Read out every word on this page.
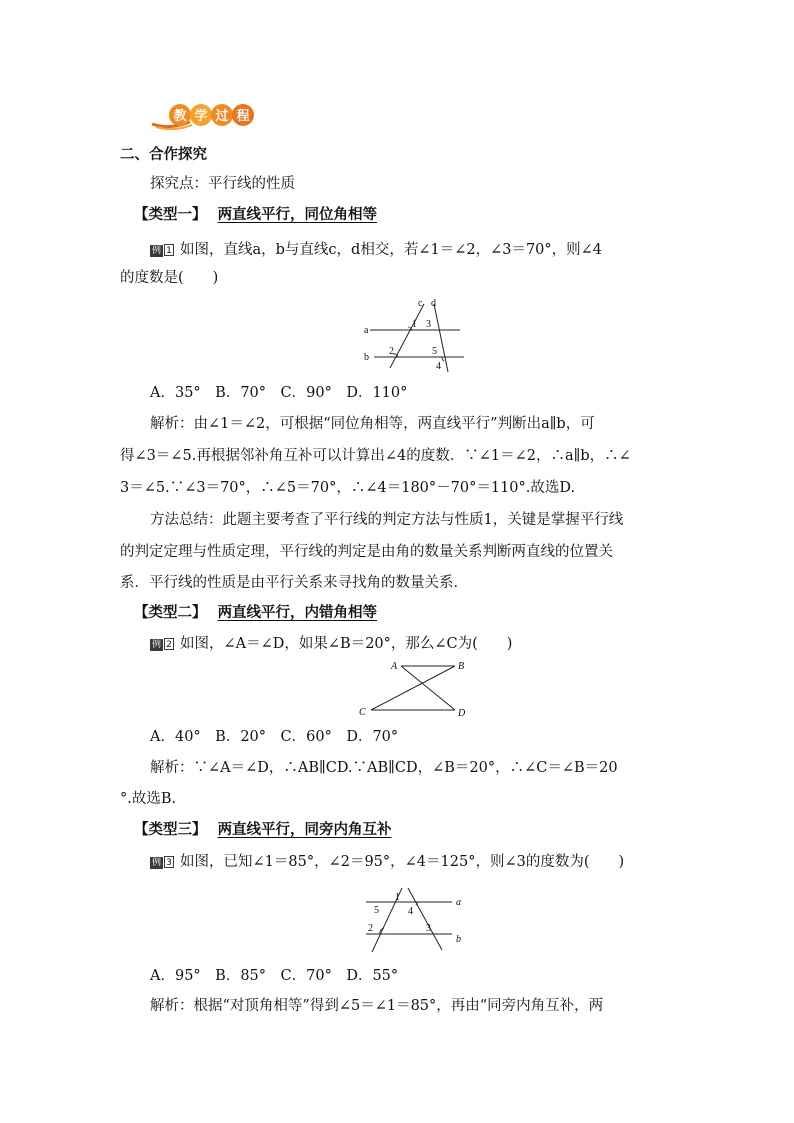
教 学 过 程
二、合作探究
探究点：平行线的性质
【类型一】 两直线平行，同位角相等
例 1 如图，直线a，b与直线c，d相交，若∠1＝∠2，∠3＝70°，则∠4
的度数是(　　)
c d
a
b
1 3
2	5
4
A．35°　B．70°　C．90°　D．110°
解析：由∠1＝∠2，可根据“同位角相等，两直线平行”判断出a∥b，可
得∠3＝∠5.再根据邻补角互补可以计算出∠4的度数．∵∠1＝∠2，∴a∥b，∴∠
3＝∠5.∵∠3＝70°，∴∠5＝70°，∴∠4＝180°－70°＝110°.故选D.
方法总结：此题主要考查了平行线的判定方法与性质1，关键是掌握平行线
的判定定理与性质定理，平行线的判定是由角的数量关系判断两直线的位置关
系．平行线的性质是由平行关系来寻找角的数量关系．
【类型二】 两直线平行，内错角相等
例 2 如图，∠A＝∠D，如果∠B＝20°，那么∠C为(　　)
A	B
C	D
A．40°　B．20°　C．60°　D．70°
解析：∵∠A＝∠D，∴AB∥CD.∵AB∥CD，∠B＝20°，∴∠C＝∠B＝20
°.故选B.
【类型三】 两直线平行，同旁内角互补
例 3 如图，已知∠1＝85°，∠2＝95°，∠4＝125°，则∠3的度数为(　　)
1
5	4
a
2	3
b
A．95°　B．85°　C．70°　D．55°
解析：根据“对顶角相等”得到∠5＝∠1＝85°，再由“同旁内角互补，两
